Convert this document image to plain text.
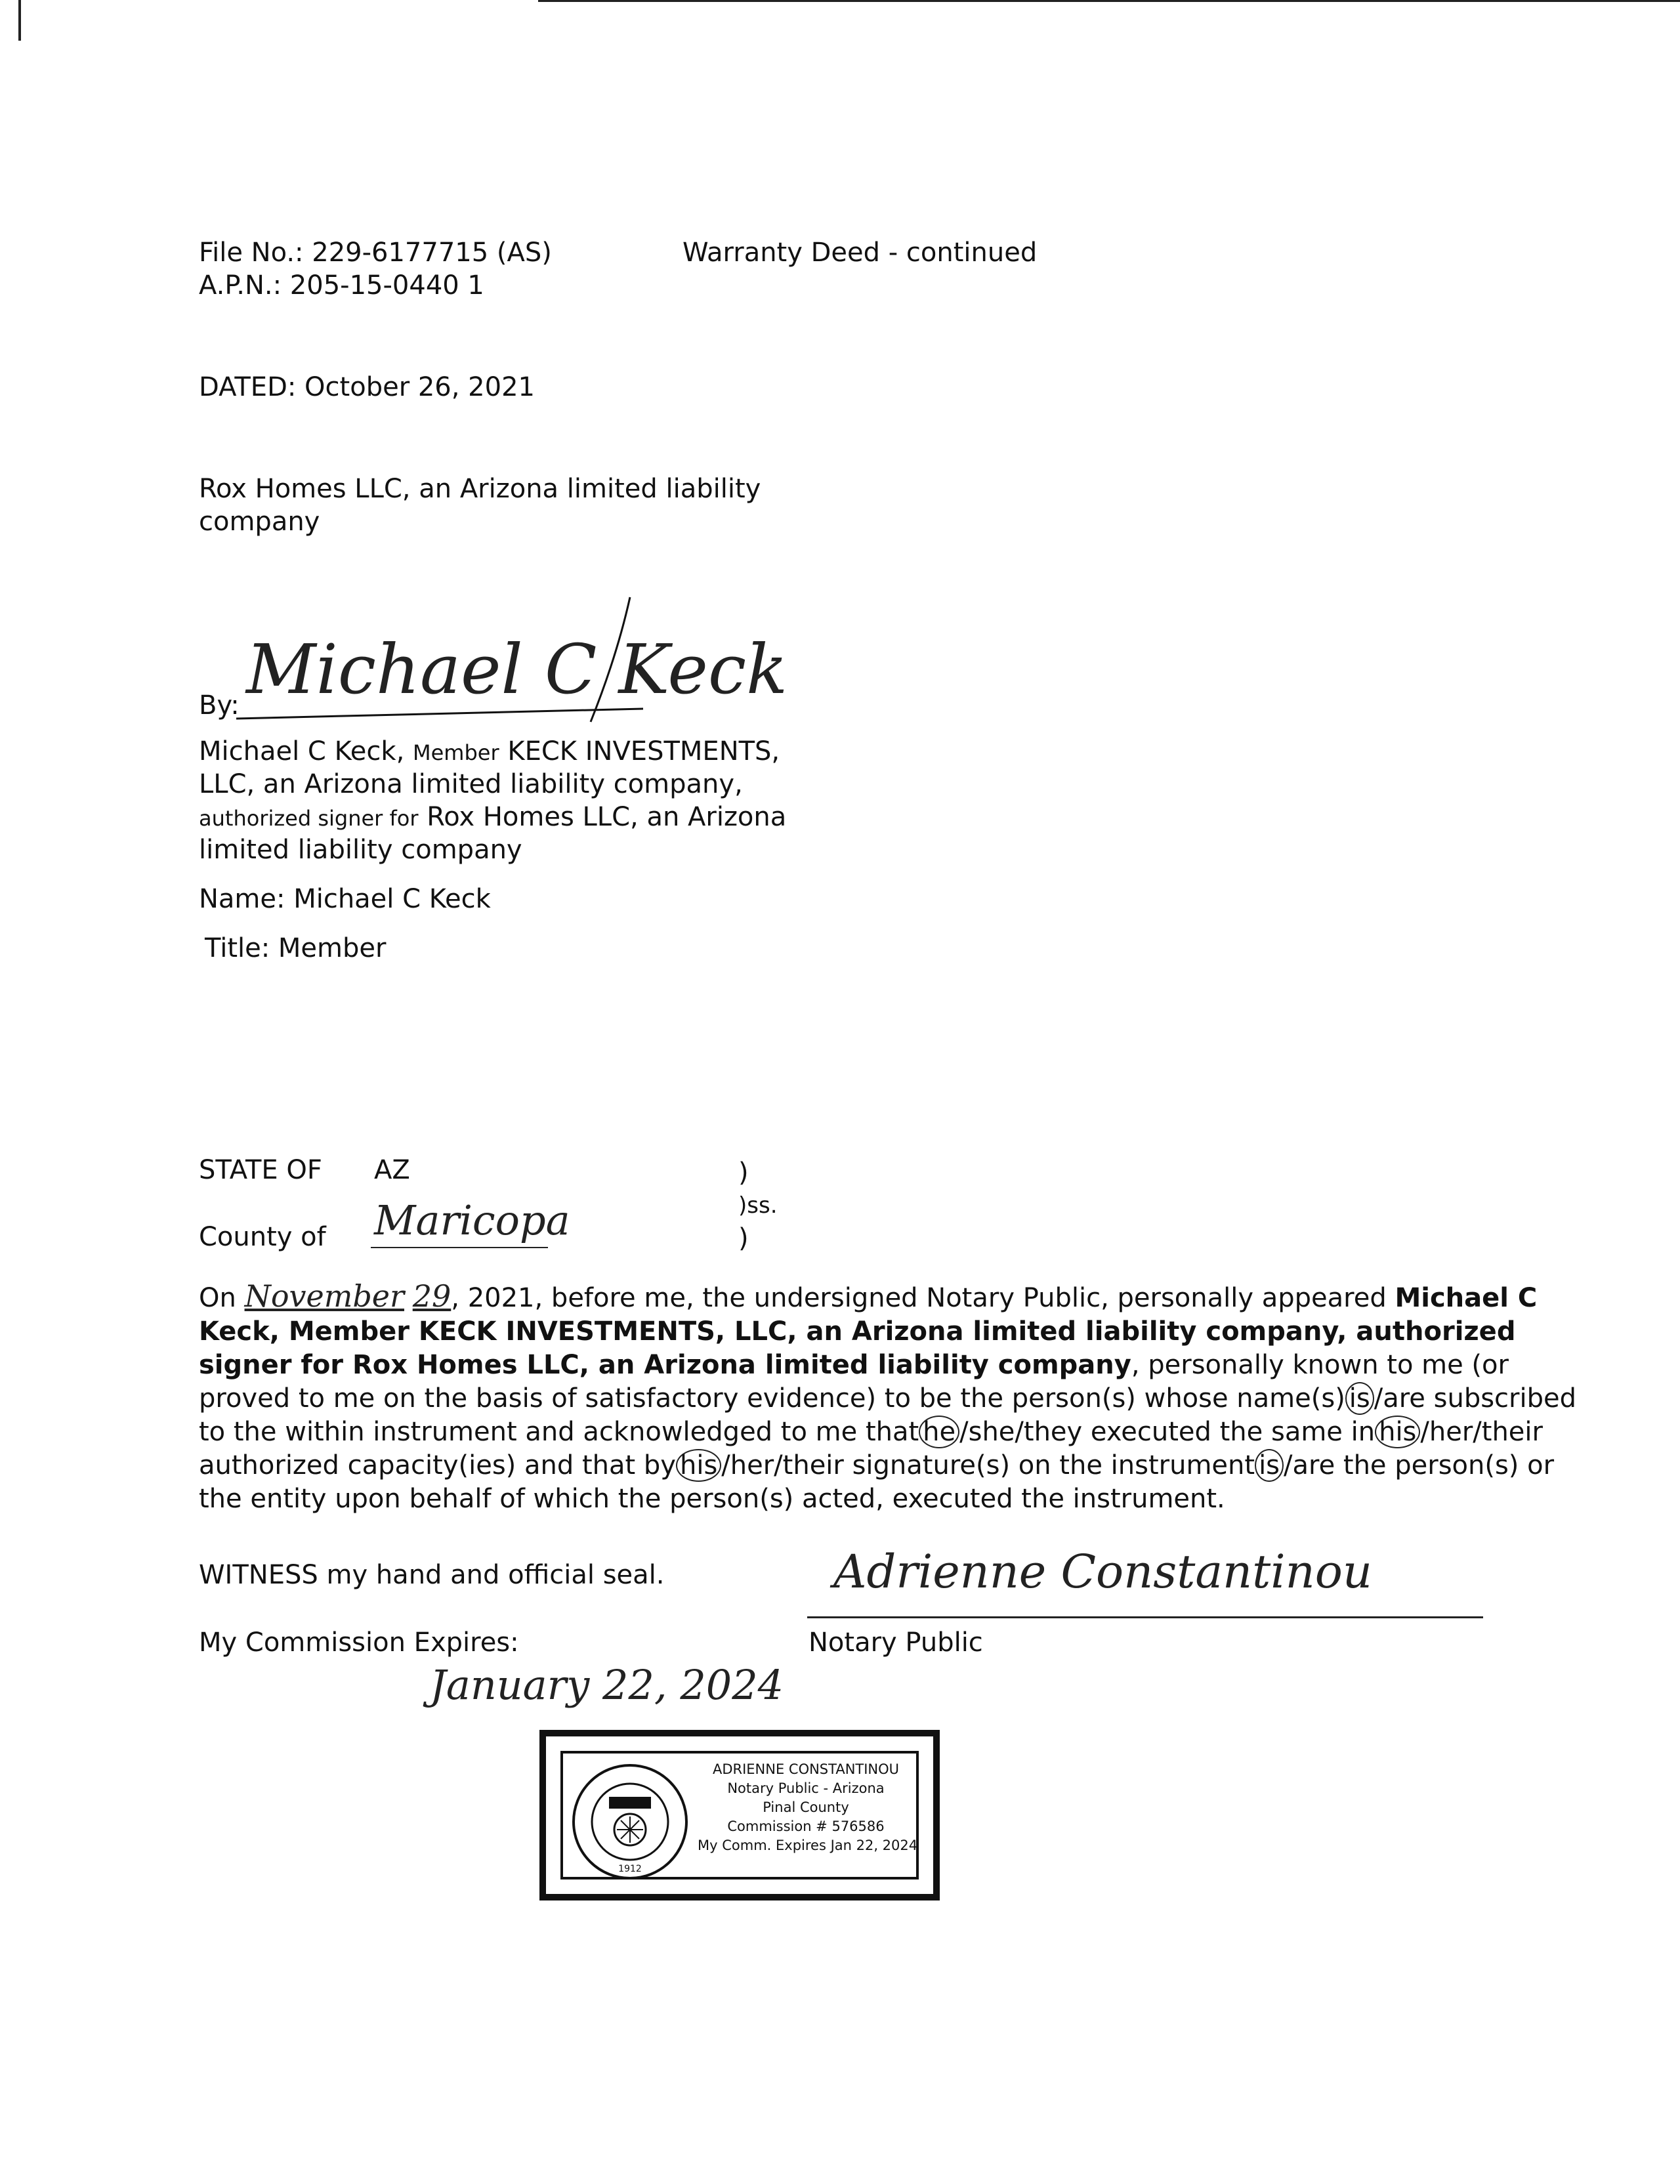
File No.: 229-6177715 (AS)
A.P.N.: 205-15-0440 1
Warranty Deed - continued
DATED: October 26, 2021
Rox Homes LLC, an Arizona limited liability
company
By: Michael C Keck
Michael C Keck, Member KECK INVESTMENTS,
LLC, an Arizona limited liability company,
authorized signer for Rox Homes LLC, an Arizona
limited liability company
Name: Michael C Keck
Title: Member
STATE OF AZ
County of Maricopa
)
)ss.
)
On November 29, 2021, before me, the undersigned Notary Public, personally appeared Michael C
Keck, Member KECK INVESTMENTS, LLC, an Arizona limited liability company, authorized
signer for Rox Homes LLC, an Arizona limited liability company, personally known to me (or
proved to me on the basis of satisfactory evidence) to be the person(s) whose name(s) is /are subscribed
to the within instrument and acknowledged to me that he /she/they executed the same in his /her/their
authorized capacity(ies) and that by his /her/their signature(s) on the instrument is /are the person(s) or
the entity upon behalf of which the person(s) acted, executed the instrument.
WITNESS my hand and official seal.	Adrienne Constantinou
Notary Public
My Commission Expires:
January 22, 2024
1912
ADRIENNE CONSTANTINOU
Notary Public - Arizona
Pinal County
Commission # 576586
My Comm. Expires Jan 22, 2024
